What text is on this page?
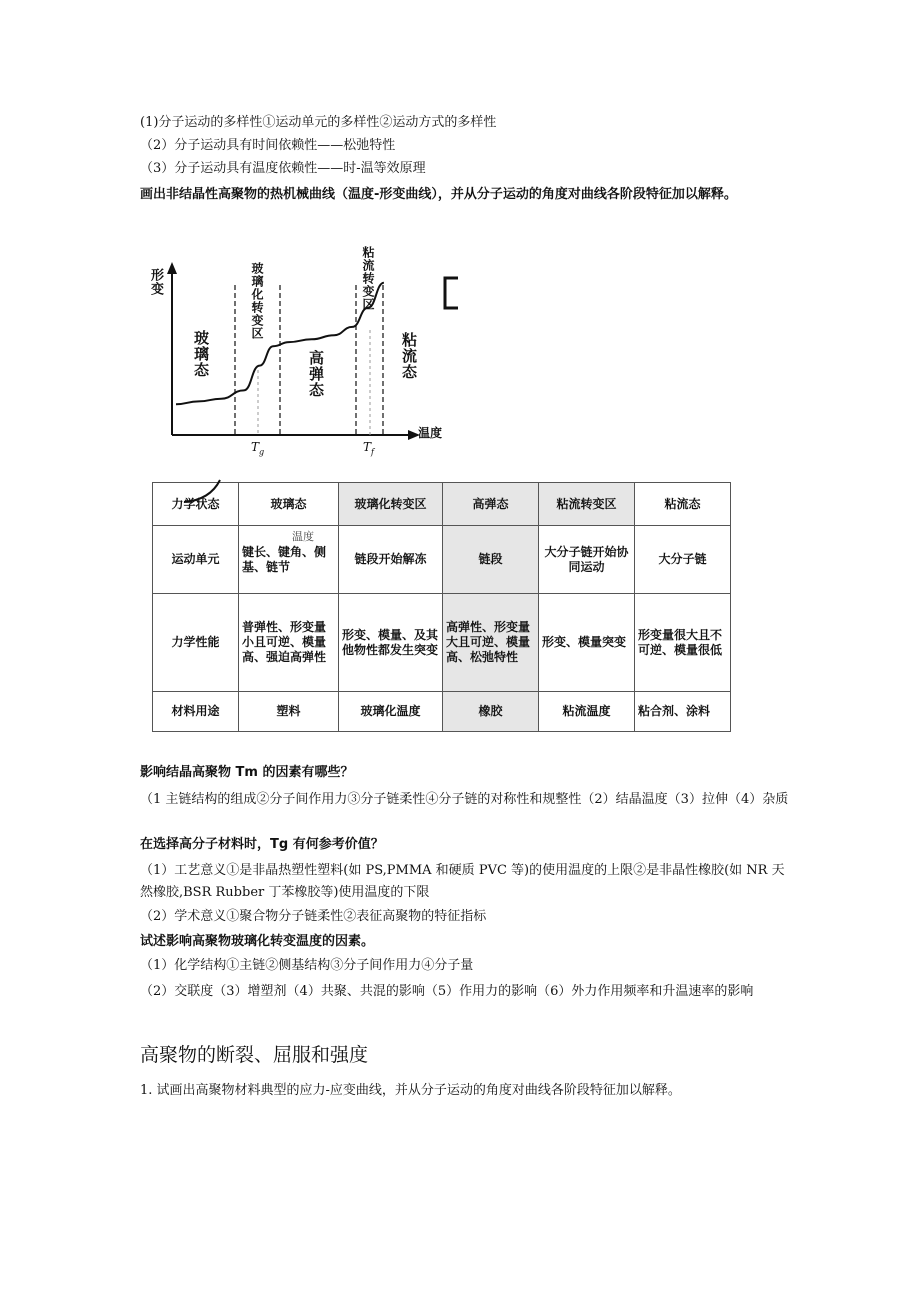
(1)分子运动的多样性①运动单元的多样性②运动方式的多样性
（2）分子运动具有时间依赖性——松弛特性
（3）分子运动具有温度依赖性——时-温等效原理
画出非结晶性高聚物的热机械曲线（温度-形变曲线），并从分子运动的角度对曲线各阶段特征加以解释。
形变
温度
玻璃态
玻璃化转变区
高弹态
粘流转变区
粘流态
$T_g$	$T_f$
力学状态	玻璃态	玻璃化转变区	高弹态	粘流转变区	粘流态
运动单元	键长、键角、侧基、链节	链段开始解冻	链段	大分子链开始协同运动	大分子链
力学性能	普弹性、形变量小且可逆、模量高、强迫高弹性	形变、模量、及其他物性都发生突变	高弹性、形变量大且可逆、模量高、松弛特性	形变、模量突变	形变量很大且不可逆、模量很低
材料用途	塑料	玻璃化温度	橡胶	粘流温度	粘合剂、涂料
温度
影响结晶高聚物 Tm 的因素有哪些？
（1 主链结构的组成②分子间作用力③分子链柔性④分子链的对称性和规整性（2）结晶温度（3）拉伸（4）杂质
在选择高分子材料时，Tg 有何参考价值？
（1）工艺意义①是非晶热塑性塑料(如 PS,PMMA 和硬质 PVC 等)的使用温度的上限②是非晶性橡胶(如 NR 天然橡胶,BSR Rubber 丁苯橡胶等)使用温度的下限
（2）学术意义①聚合物分子链柔性②表征高聚物的特征指标
试述影响高聚物玻璃化转变温度的因素。
（1）化学结构①主链②侧基结构③分子间作用力④分子量
（2）交联度（3）增塑剂（4）共聚、共混的影响（5）作用力的影响（6）外力作用频率和升温速率的影响
高聚物的断裂、屈服和强度
1. 试画出高聚物材料典型的应力-应变曲线，并从分子运动的角度对曲线各阶段特征加以解释。
